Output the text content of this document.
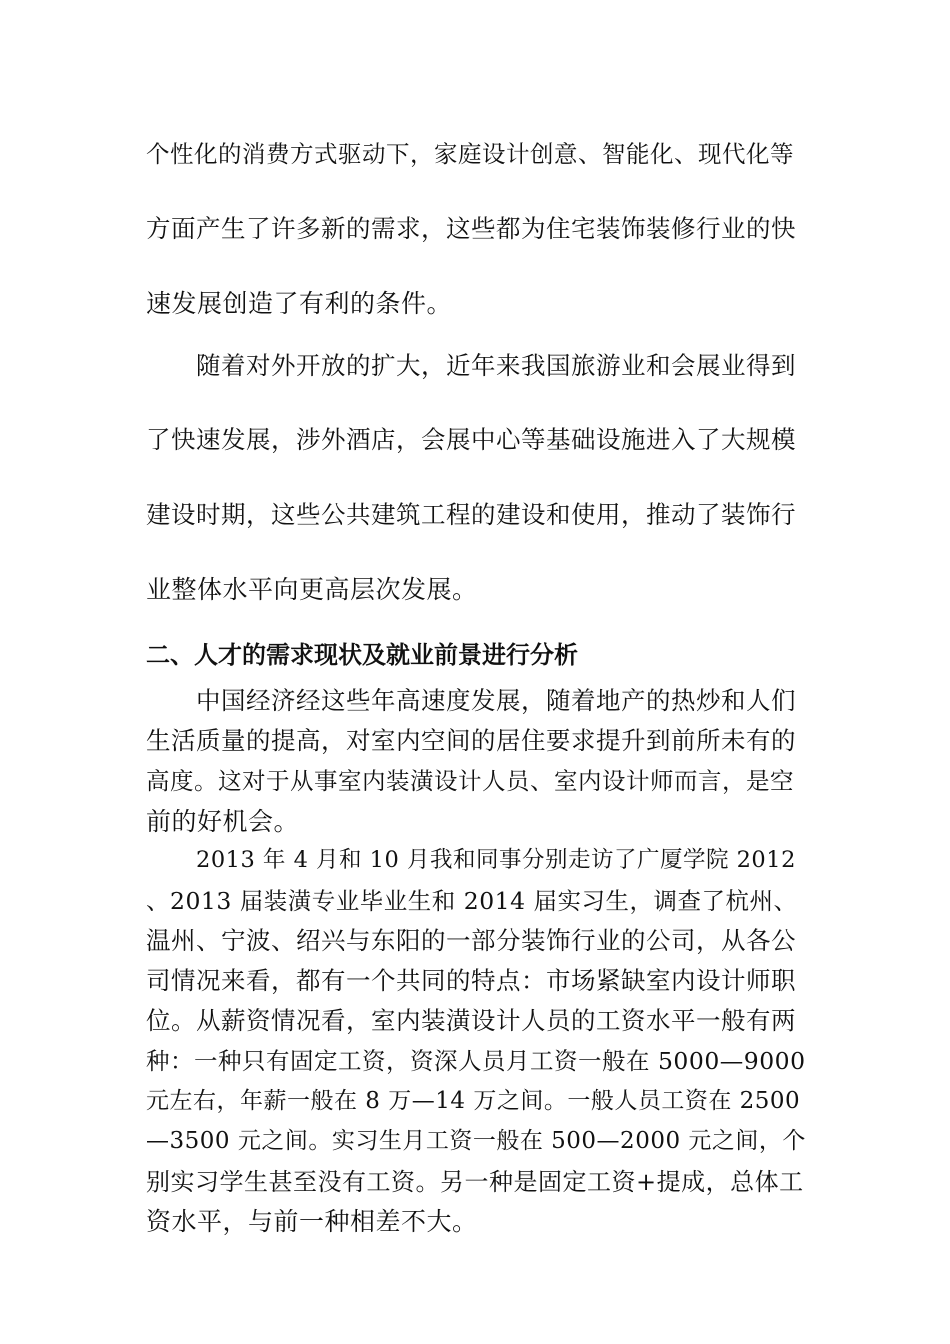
个性化的消费方式驱动下，家庭设计创意、智能化、现代化等
方面产生了许多新的需求，这些都为住宅装饰装修行业的快
速发展创造了有利的条件。
随着对外开放的扩大，近年来我国旅游业和会展业得到
了快速发展，涉外酒店，会展中心等基础设施进入了大规模
建设时期，这些公共建筑工程的建设和使用，推动了装饰行
业整体水平向更高层次发展。
二、人才的需求现状及就业前景进行分析
中国经济经这些年高速度发展，随着地产的热炒和人们
生活质量的提高，对室内空间的居住要求提升到前所未有的
高度。这对于从事室内装潢设计人员、室内设计师而言，是空
前的好机会。
2013 年 4 月和 10 月我和同事分别走访了广厦学院 2012
、2013 届装潢专业毕业生和 2014 届实习生，调查了杭州、
温州、宁波、绍兴与东阳的一部分装饰行业的公司，从各公
司情况来看，都有一个共同的特点：市场紧缺室内设计师职
位。从薪资情况看，室内装潢设计人员的工资水平一般有两
种：一种只有固定工资，资深人员月工资一般在 5000—9000
元左右，年薪一般在 8 万—14 万之间。一般人员工资在 2500
—3500 元之间。实习生月工资一般在 500—2000 元之间，个
别实习学生甚至没有工资。另一种是固定工资+提成，总体工
资水平，与前一种相差不大。
